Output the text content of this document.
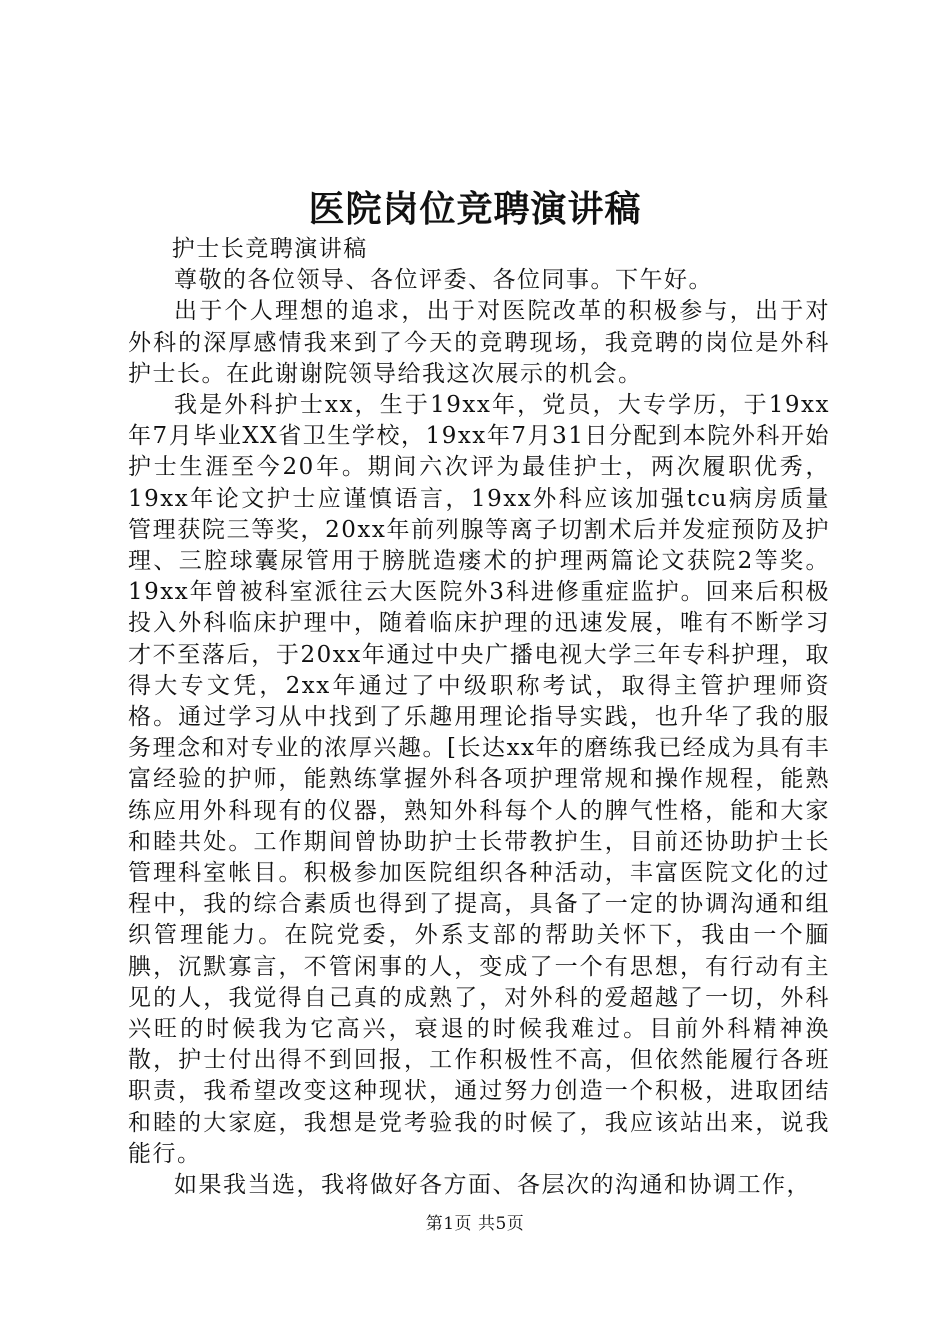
医院岗位竞聘演讲稿

护士长竞聘演讲稿

尊敬的各位领导、各位评委、各位同事。下午好。

出于个人理想的追求，出于对医院改革的积极参与，出于对外科的深厚感情我来到了今天的竞聘现场，我竞聘的岗位是外科护士长。在此谢谢院领导给我这次展示的机会。

我是外科护士xx，生于19xx年，党员，大专学历，于19xx年7月毕业XX省卫生学校，19xx年7月31日分配到本院外科开始护士生涯至今20年。期间六次评为最佳护士，两次履职优秀，19xx年论文护士应谨慎语言，19xx外科应该加强tcu病房质量管理获院三等奖，20xx年前列腺等离子切割术后并发症预防及护理、三腔球囊尿管用于膀胱造瘘术的护理两篇论文获院2等奖。19xx年曾被科室派往云大医院外3科进修重症监护。回来后积极投入外科临床护理中，随着临床护理的迅速发展，唯有不断学习才不至落后，于20xx年通过中央广播电视大学三年专科护理，取得大专文凭，2xx年通过了中级职称考试，取得主管护理师资格。通过学习从中找到了乐趣用理论指导实践，也升华了我的服务理念和对专业的浓厚兴趣。[长达xx年的磨练我已经成为具有丰富经验的护师，能熟练掌握外科各项护理常规和操作规程，能熟练应用外科现有的仪器，熟知外科每个人的脾气性格，能和大家和睦共处。工作期间曾协助护士长带教护生，目前还协助护士长管理科室帐目。积极参加医院组织各种活动，丰富医院文化的过程中，我的综合素质也得到了提高，具备了一定的协调沟通和组织管理能力。在院党委，外系支部的帮助关怀下，我由一个腼腆，沉默寡言，不管闲事的人，变成了一个有思想，有行动有主见的人，我觉得自己真的成熟了，对外科的爱超越了一切，外科兴旺的时候我为它高兴，衰退的时候我难过。目前外科精神涣散，护士付出得不到回报，工作积极性不高，但依然能履行各班职责，我希望改变这种现状，通过努力创造一个积极，进取团结和睦的大家庭，我想是党考验我的时候了，我应该站出来，说我能行。

如果我当选，我将做好各方面、各层次的沟通和协调工作，

第1页 共5页
